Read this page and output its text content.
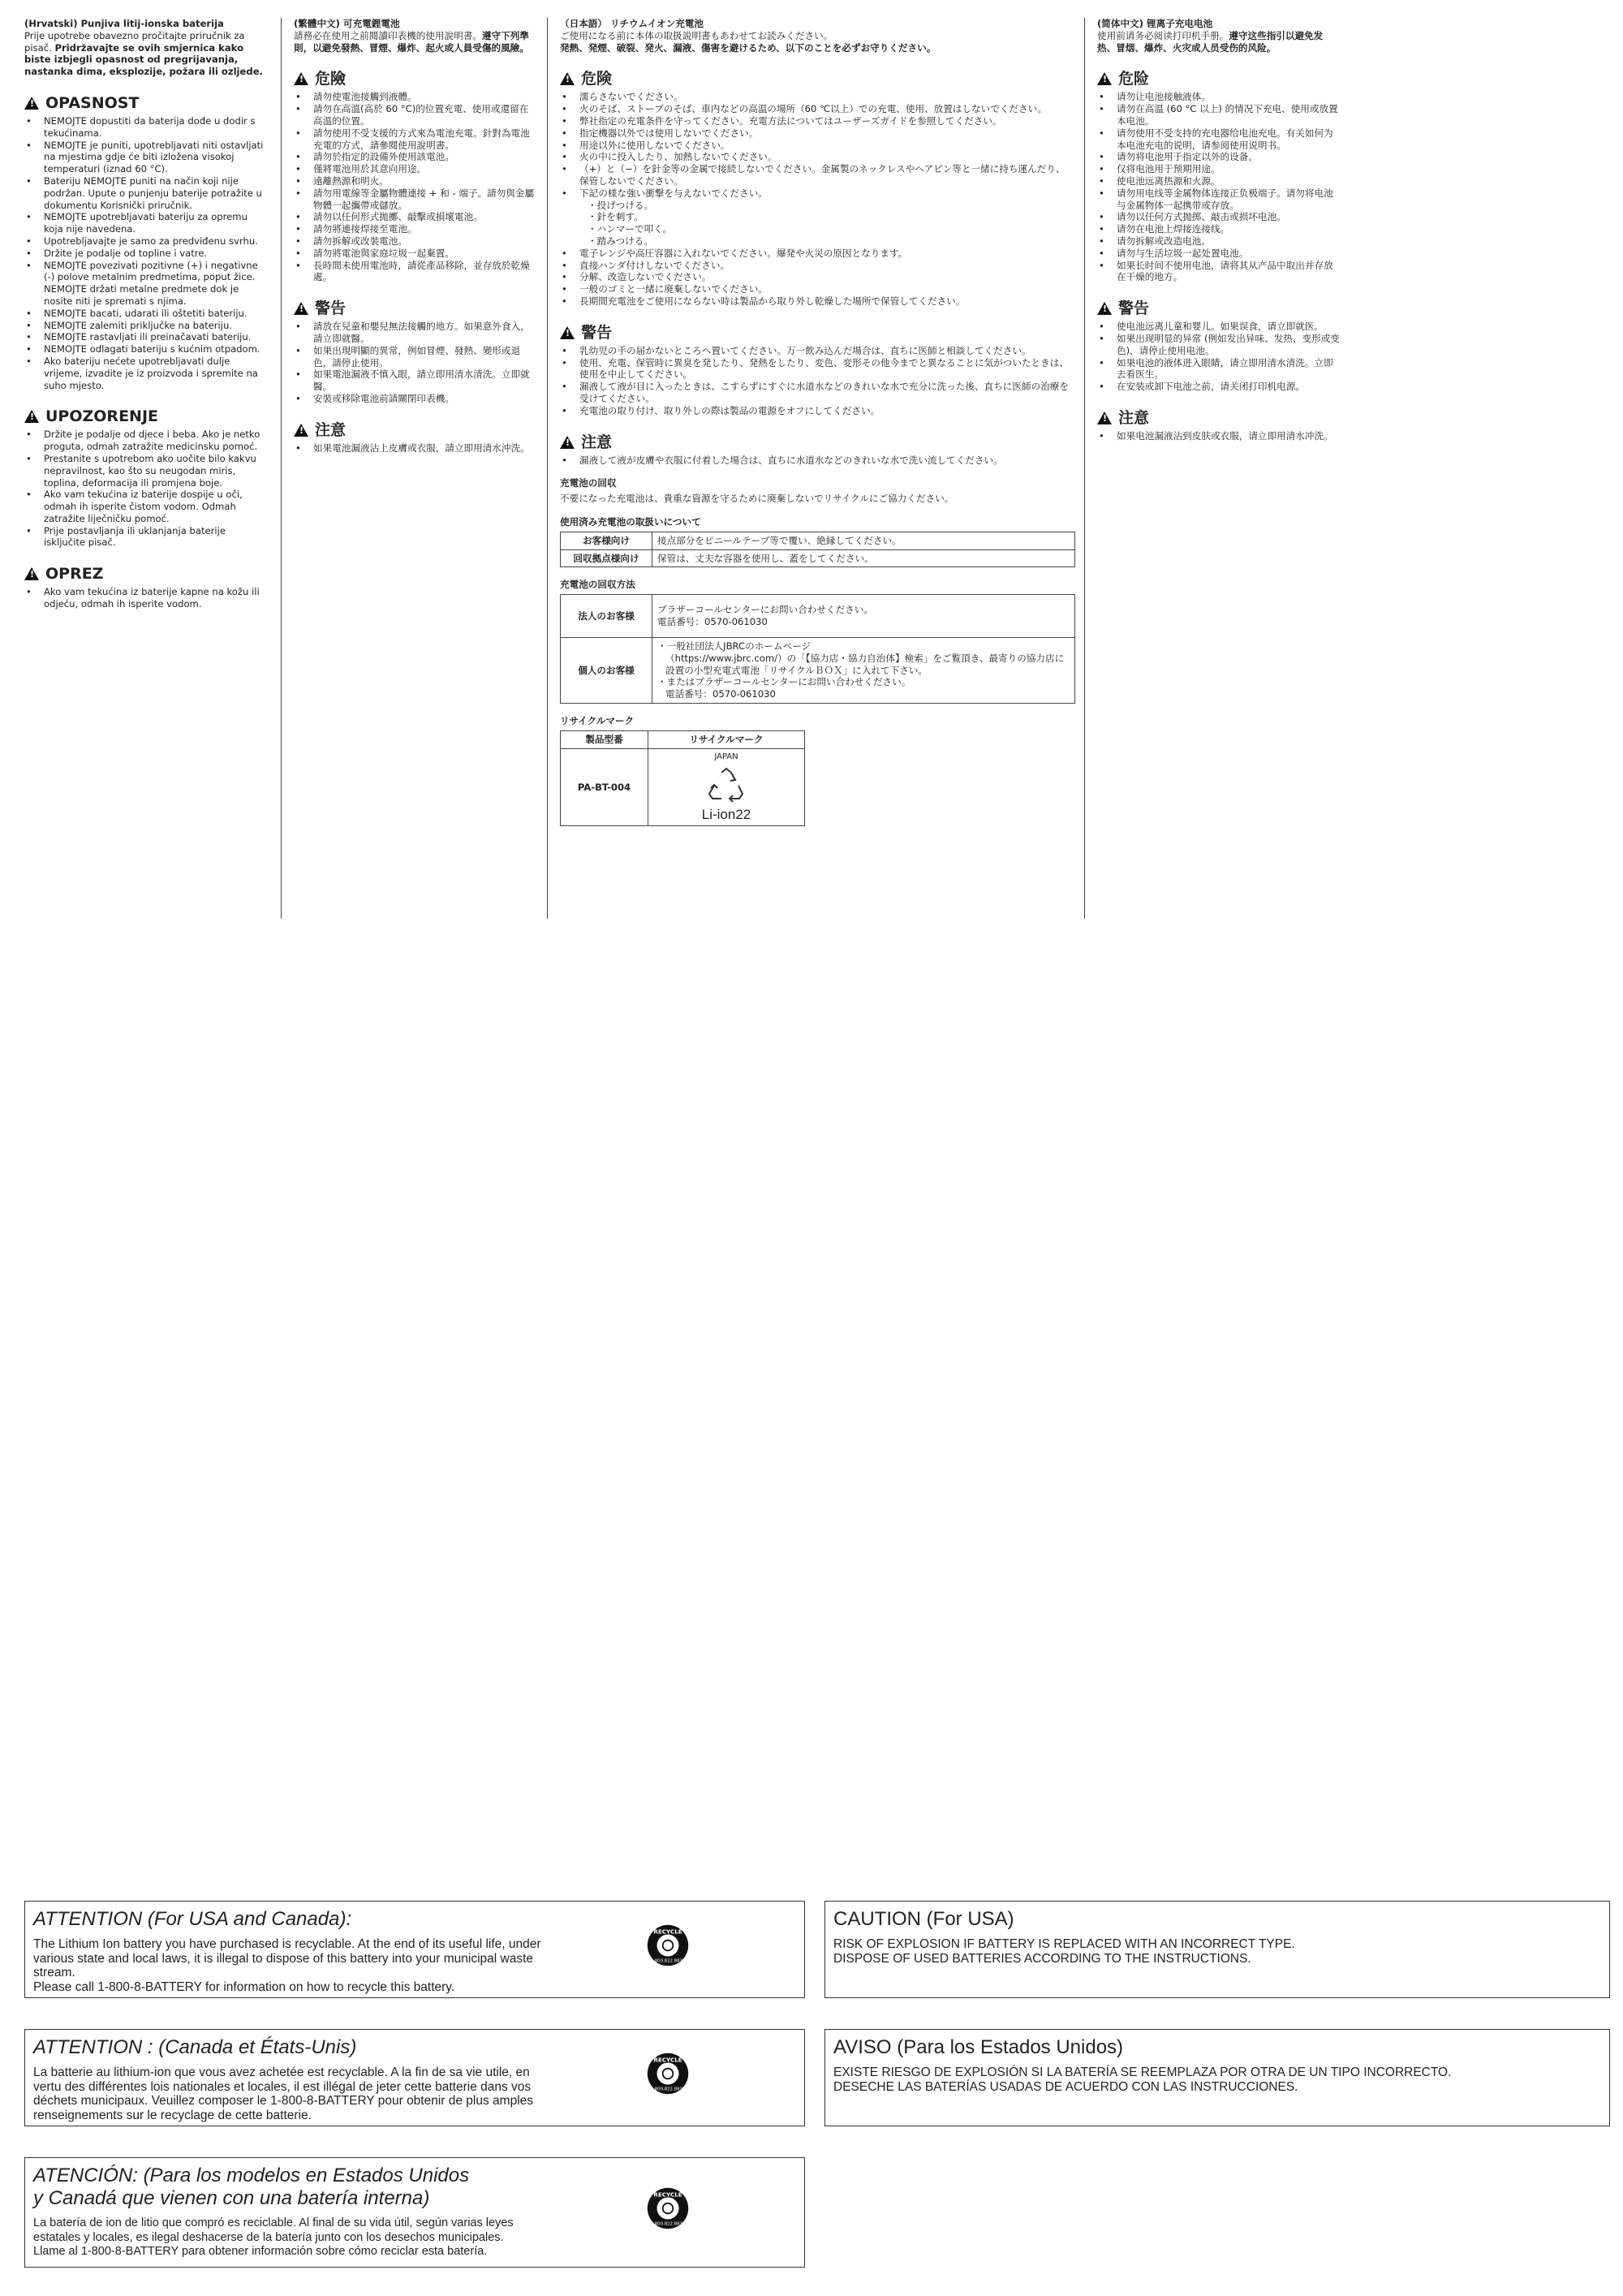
(Hrvatski) Punjiva litij-ionska baterija

Prije upotrebe obavezno pročitajte priručnik za pisač. Pridržavajte se ovih smjernica kako biste izbjegli opasnost od pregrijavanja, nastanka dima, eksplozije, požara ili ozljede.

!
OPASNOST
• NEMOJTE dopustiti da baterija dođe u dodir s tekućinama.
• NEMOJTE je puniti, upotrebljavati niti ostavljati na mjestima gdje će biti izložena visokoj temperaturi (iznad 60 °C).
• Bateriju NEMOJTE puniti na način koji nije podržan. Upute o punjenju baterije potražite u dokumentu Korisnički priručnik.
• NEMOJTE upotrebljavati bateriju za opremu koja nije navedena.
• Upotrebljavajte je samo za predviđenu svrhu.
• Držite je podalje od topline i vatre.
• NEMOJTE povezivati pozitivne (+) i negativne (-) polove metalnim predmetima, poput žice. NEMOJTE držati metalne predmete dok je nosite niti je spremati s njima.
• NEMOJTE bacati, udarati ili oštetiti bateriju.
• NEMOJTE zalemiti priključke na bateriju.
• NEMOJTE rastavljati ili preinačavati bateriju.
• NEMOJTE odlagati bateriju s kućnim otpadom.
• Ako bateriju nećete upotrebljavati dulje vrijeme, izvadite je iz proizvoda i spremite na suho mjesto.
!
UPOZORENJE
• Držite je podalje od djece i beba. Ako je netko proguta, odmah zatražite medicinsku pomoć.
• Prestanite s upotrebom ako uočite bilo kakvu nepravilnost, kao što su neugodan miris, toplina, deformacija ili promjena boje.
• Ako vam tekućina iz baterije dospije u oči, odmah ih isperite čistom vodom. Odmah zatražite liječničku pomoć.
• Prije postavljanja ili uklanjanja baterije isključite pisač.
!
OPREZ
• Ako vam tekućina iz baterije kapne na kožu ili odjeću, odmah ih isperite vodom.
(繁體中文) 可充電鋰電池

請務必在使用之前閱讀印表機的使用說明書。遵守下列準則，以避免發熱、冒煙、爆炸、起火或人員受傷的風險。

!
危險
• 請勿使電池接觸到液體。
• 請勿在高溫(高於 60 °C)的位置充電、使用或還留在高溫的位置。
• 請勿使用不受支援的方式來為電池充電。針對為電池充電的方式，請參閱使用說明書。
• 請勿於指定的設備外使用該電池。
• 僅將電池用於其意向用途。
• 遠離熱源和明火。
• 請勿用電線等金屬物體連接 + 和 - 端子。請勿與金屬物體一起攜帶或儲放。
• 請勿以任何形式拋擲、敲擊或損壞電池。
• 請勿將連接焊接至電池。
• 請勿拆解或改裝電池。
• 請勿將電池與家庭垃圾一起棄置。
• 長時間未使用電池時，請從產品移除，並存放於乾燥處。
!
警告
• 請放在兒童和嬰兒無法接觸的地方。如果意外食入，請立即就醫。
• 如果出現明顯的異常，例如冒煙、發熱、變形或退色，請停止使用。
• 如果電池漏液不慎入眼，請立即用清水清洗。立即就醫。
• 安裝或移除電池前請關閉印表機。
!
注意
• 如果電池漏液沾上皮膚或衣服，請立即用清水沖洗。
（日本語） リチウムイオン充電池

ご使用になる前に本体の取扱説明書もあわせてお読みください。
発熱、発煙、破裂、発火、漏液、傷害を避けるため、以下のことを必ずお守りください。

!
危険
• 濡らさないでください。
• 火のそば、ストーブのそば、車内などの高温の場所（60 ℃以上）での充電、使用、放置はしないでください。
• 弊社指定の充電条件を守ってください。充電方法についてはユーザーズガイドを参照してください。
• 指定機器以外では使用しないでください。
• 用途以外に使用しないでください。
• 火の中に投入したり、加熱しないでください。
• （+）と（−）を針金等の金属で接続しないでください。金属製のネックレスやヘアピン等と一緒に持ち運んだり、保管しないでください。
• 下記の様な強い衝撃を与えないでください。
・投げつける。
・針を刺す。
・ハンマーで叩く。
・踏みつける。
• 電子レンジや高圧容器に入れないでください。爆発や火災の原因となります。
• 直接ハンダ付けしないでください。
• 分解、改造しないでください。
• 一般のゴミと一緒に廃棄しないでください。
• 長期間充電池をご使用にならない時は製品から取り外し乾燥した場所で保管してください。
!
警告
• 乳幼児の手の届かないところへ置いてください。万一飲み込んだ場合は、直ちに医師と相談してください。
• 使用、充電、保管時に異臭を発したり、発熱をしたり、変色、変形その他今までと異なることに気がついたときは、使用を中止してください。
• 漏液して液が目に入ったときは、こすらずにすぐに水道水などのきれいな水で充分に洗った後、直ちに医師の治療を受けてください。
• 充電池の取り付け、取り外しの際は製品の電源をオフにしてください。
!
注意
• 漏液して液が皮膚や衣服に付着した場合は、直ちに水道水などのきれいな水で洗い流してください。
充電池の回収
不要になった充電池は、貴重な資源を守るために廃棄しないでリサイクルにご協力ください。
使用済み充電池の取扱いについて
お客様向け	接点部分をビニールテープ等で覆い、絶縁してください。
回収拠点様向け	保管は、丈夫な容器を使用し、蓋をしてください。
充電池の回収方法
法人のお客様	ブラザーコールセンターにお問い合わせください。
電話番号：0570-061030

個人のお客様	・一般社団法人JBRCのホームページ
（https://www.jbrc.com/）の「【協力店・協力自治体】検索」をご覧頂き、最寄りの協力店に設置の小型充電式電池「リサイクルＢＯＸ」に入れて下さい。
・またはブラザーコールセンターにお問い合わせください。
電話番号：0570-061030
リサイクルマーク
製品型番	リサイクルマーク
PA-BT-004	JAPAN
Li-ion22
(简体中文) 锂离子充电电池

使用前请务必阅读打印机手册。遵守这些指引以避免发热、冒烟、爆炸、火灾或人员受伤的风险。

!
危险
• 请勿让电池接触液体。
• 请勿在高温 (60 °C 以上) 的情况下充电、使用或放置本电池。
• 请勿使用不受支持的充电器给电池充电。有关如何为本电池充电的说明，请参阅使用说明书。
• 请勿将电池用于指定以外的设备。
• 仅将电池用于预期用途。
• 使电池远离热源和火源。
• 请勿用电线等金属物体连接正负极端子。请勿将电池与金属物体一起携带或存放。
• 请勿以任何方式抛掷、敲击或损坏电池。
• 请勿在电池上焊接连接线。
• 请勿拆解或改造电池。
• 请勿与生活垃圾一起处置电池。
• 如果长时间不使用电池，请将其从产品中取出并存放在干燥的地方。
!
警告
• 使电池远离儿童和婴儿。如果误食，请立即就医。
• 如果出现明显的异常 (例如发出异味、发热、变形或变色)，请停止使用电池。
• 如果电池的液体进入眼睛，请立即用清水清洗。立即去看医生。
• 在安装或卸下电池之前，请关闭打印机电源。
!
注意
• 如果电池漏液沾到皮肤或衣服，请立即用清水冲洗。
ATTENTION (For USA and Canada):
The Lithium Ion battery you have purchased is recyclable. At the end of its useful life, under various state and local laws, it is illegal to dispose of this battery into your municipal waste stream.
Please call 1-800-8-BATTERY for information on how to recycle this battery.
CAUTION (For USA)
RISK OF EXPLOSION IF BATTERY IS REPLACED WITH AN INCORRECT TYPE.
DISPOSE OF USED BATTERIES ACCORDING TO THE INSTRUCTIONS.
ATTENTION : (Canada et États-Unis)
La batterie au lithium-ion que vous avez achetée est recyclable. A la fin de sa vie utile, en vertu des différentes lois nationales et locales, il est illégal de jeter cette batterie dans vos déchets municipaux. Veuillez composer le 1-800-8-BATTERY pour obtenir de plus amples renseignements sur le recyclage de cette batterie.
AVISO (Para los Estados Unidos)
EXISTE RIESGO DE EXPLOSIÓN SI LA BATERÍA SE REEMPLAZA POR OTRA DE UN TIPO INCORRECTO.
DESECHE LAS BATERÍAS USADAS DE ACUERDO CON LAS INSTRUCCIONES.
ATENCIÓN: (Para los modelos en Estados Unidos
y Canadá que vienen con una batería interna)
La batería de ion de litio que compró es reciclable. Al final de su vida útil, según varias leyes estatales y locales, es ilegal deshacerse de la batería junto con los desechos municipales.
Llame al 1-800-8-BATTERY para obtener información sobre cómo reciclar esta batería.
RECYCLE
1.800.822.8837
RECYCLE
1.800.822.8837
RECYCLE
1.800.822.8837
